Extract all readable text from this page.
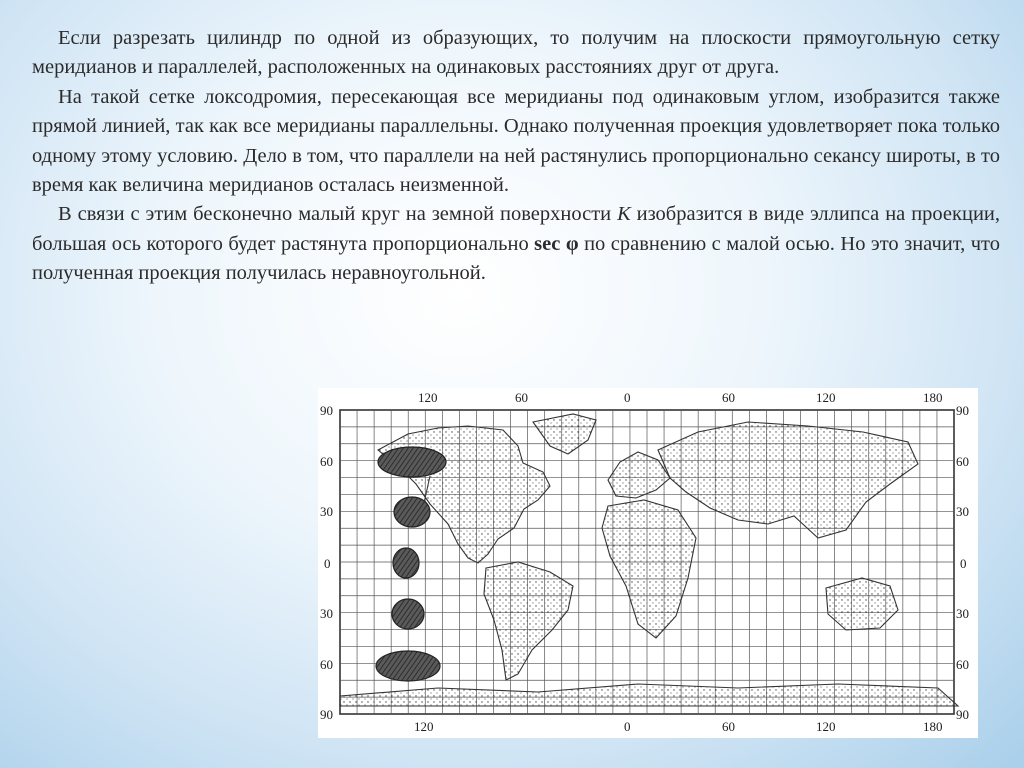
Если разрезать цилиндр по одной из образующих, то получим на плоскости прямоугольную сетку меридианов и параллелей, расположенных на одинаковых расстояниях друг от друга.

На такой сетке локсодромия, пересекающая все меридианы под одинаковым углом, изобразится также прямой линией, так как все меридианы параллельны. Однако полученная проекция удовлетворяет пока только одному этому условию. Дело в том, что параллели на ней растянулись пропорционально секансу широты, в то время как величина меридианов осталась неизменной.

В связи с этим бесконечно малый круг на земной поверхности К изобразится в виде эллипса на проекции, большая ось которого будет растянута пропорционально sec φ по сравнению с малой осью. Но это значит, что полученная проекция получилась неравноугольной.

120	60	0	60	120	180
120	0	60	120	180
90
60
30
0
30
60
90
90
60
30
0
30
60
90
